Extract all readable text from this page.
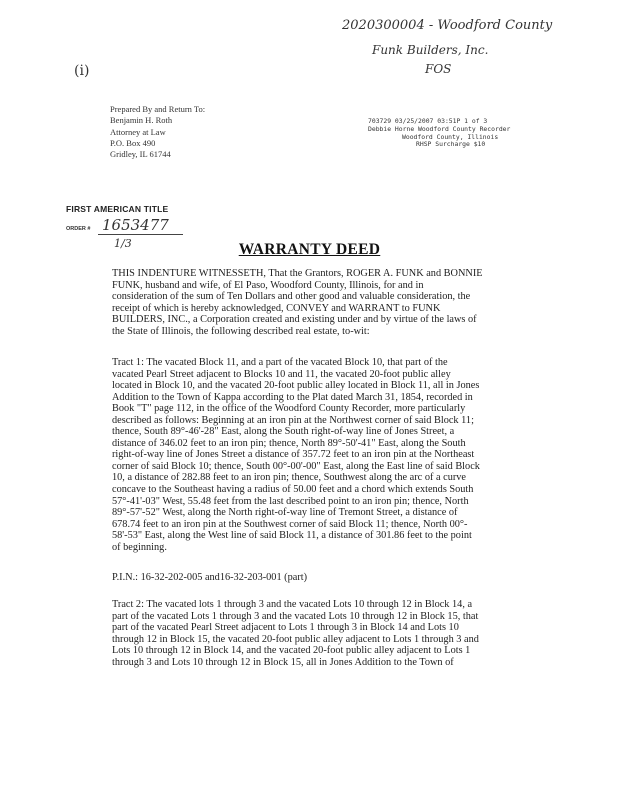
2020300004 - Woodford County
Funk Builders, Inc.
FOS
(i)
Prepared By and Return To:
Benjamin H. Roth
Attorney at Law
P.O. Box 490
Gridley, IL 61744
703729 03/25/2007 03:51P 1 of 3
Debbie Horne Woodford County Recorder
Woodford County, Illinois
RHSP Surcharge $10
FIRST AMERICAN TITLE
ORDER # 1653477
1/3	WARRANTY DEED
THIS INDENTURE WITNESSETH, That the Grantors, ROGER A. FUNK and BONNIE
FUNK, husband and wife, of El Paso, Woodford County, Illinois, for and in
consideration of the sum of Ten Dollars and other good and valuable consideration, the
receipt of which is hereby acknowledged, CONVEY and WARRANT to FUNK
BUILDERS, INC., a Corporation created and existing under and by virtue of the laws of
the State of Illinois, the following described real estate, to-wit:
Tract 1: The vacated Block 11, and a part of the vacated Block 10, that part of the
vacated Pearl Street adjacent to Blocks 10 and 11, the vacated 20-foot public alley
located in Block 10, and the vacated 20-foot public alley located in Block 11, all in Jones
Addition to the Town of Kappa according to the Plat dated March 31, 1854, recorded in
Book "T" page 112, in the office of the Woodford County Recorder, more particularly
described as follows: Beginning at an iron pin at the Northwest corner of said Block 11;
thence, South 89°-46'-28" East, along the South right-of-way line of Jones Street, a
distance of 346.02 feet to an iron pin; thence, North 89°-50'-41" East, along the South
right-of-way line of Jones Street a distance of 357.72 feet to an iron pin at the Northeast
corner of said Block 10; thence, South 00°-00'-00" East, along the East line of said Block
10, a distance of 282.88 feet to an iron pin; thence, Southwest along the arc of a curve
concave to the Southeast having a radius of 50.00 feet and a chord which extends South
57°-41'-03" West, 55.48 feet from the last described point to an iron pin; thence, North
89°-57'-52" West, along the North right-of-way line of Tremont Street, a distance of
678.74 feet to an iron pin at the Southwest corner of said Block 11; thence, North 00°-
58'-53" East, along the West line of said Block 11, a distance of 301.86 feet to the point
of beginning.
P.I.N.: 16-32-202-005 and16-32-203-001 (part)
Tract 2: The vacated lots 1 through 3 and the vacated Lots 10 through 12 in Block 14, a
part of the vacated Lots 1 through 3 and the vacated Lots 10 through 12 in Block 15, that
part of the vacated Pearl Street adjacent to Lots 1 through 3 in Block 14 and Lots 10
through 12 in Block 15, the vacated 20-foot public alley adjacent to Lots 1 through 3 and
Lots 10 through 12 in Block 14, and the vacated 20-foot public alley adjacent to Lots 1
through 3 and Lots 10 through 12 in Block 15, all in Jones Addition to the Town of
